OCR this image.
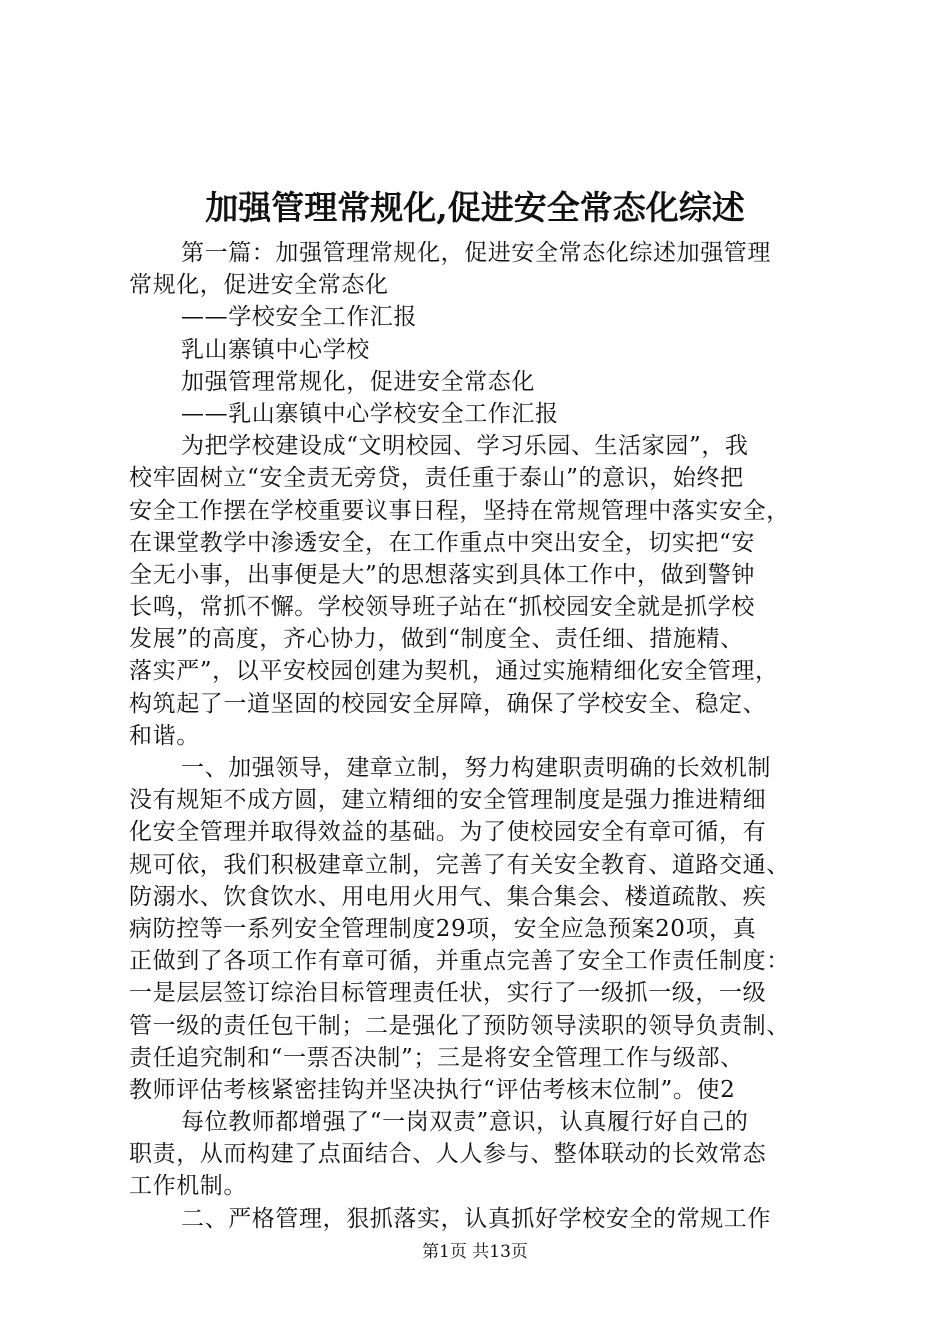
加强管理常规化,促进安全常态化综述
第一篇：加强管理常规化，促进安全常态化综述加强管理
常规化，促进安全常态化
——学校安全工作汇报
乳山寨镇中心学校
加强管理常规化，促进安全常态化
——乳山寨镇中心学校安全工作汇报
为把学校建设成“文明校园、学习乐园、生活家园”，我
校牢固树立“安全责无旁贷，责任重于泰山”的意识，始终把
安全工作摆在学校重要议事日程，坚持在常规管理中落实安全，
在课堂教学中渗透安全，在工作重点中突出安全，切实把“安
全无小事，出事便是大”的思想落实到具体工作中，做到警钟
长鸣，常抓不懈。学校领导班子站在“抓校园安全就是抓学校
发展”的高度，齐心协力，做到“制度全、责任细、措施精、
落实严”，以平安校园创建为契机，通过实施精细化安全管理，
构筑起了一道坚固的校园安全屏障，确保了学校安全、稳定、
和谐。
一、加强领导，建章立制，努力构建职责明确的长效机制
没有规矩不成方圆，建立精细的安全管理制度是强力推进精细
化安全管理并取得效益的基础。为了使校园安全有章可循，有
规可依，我们积极建章立制，完善了有关安全教育、道路交通、
防溺水、饮食饮水、用电用火用气、集合集会、楼道疏散、疾
病防控等一系列安全管理制度29项，安全应急预案20项，真
正做到了各项工作有章可循，并重点完善了安全工作责任制度：
一是层层签订综治目标管理责任状，实行了一级抓一级，一级
管一级的责任包干制；二是强化了预防领导渎职的领导负责制、
责任追究制和“一票否决制”；三是将安全管理工作与级部、
教师评估考核紧密挂钩并坚决执行“评估考核末位制”。使2
每位教师都增强了“一岗双责”意识，认真履行好自己的
职责，从而构建了点面结合、人人参与、整体联动的长效常态
工作机制。
二、严格管理，狠抓落实，认真抓好学校安全的常规工作
第1页 共13页
